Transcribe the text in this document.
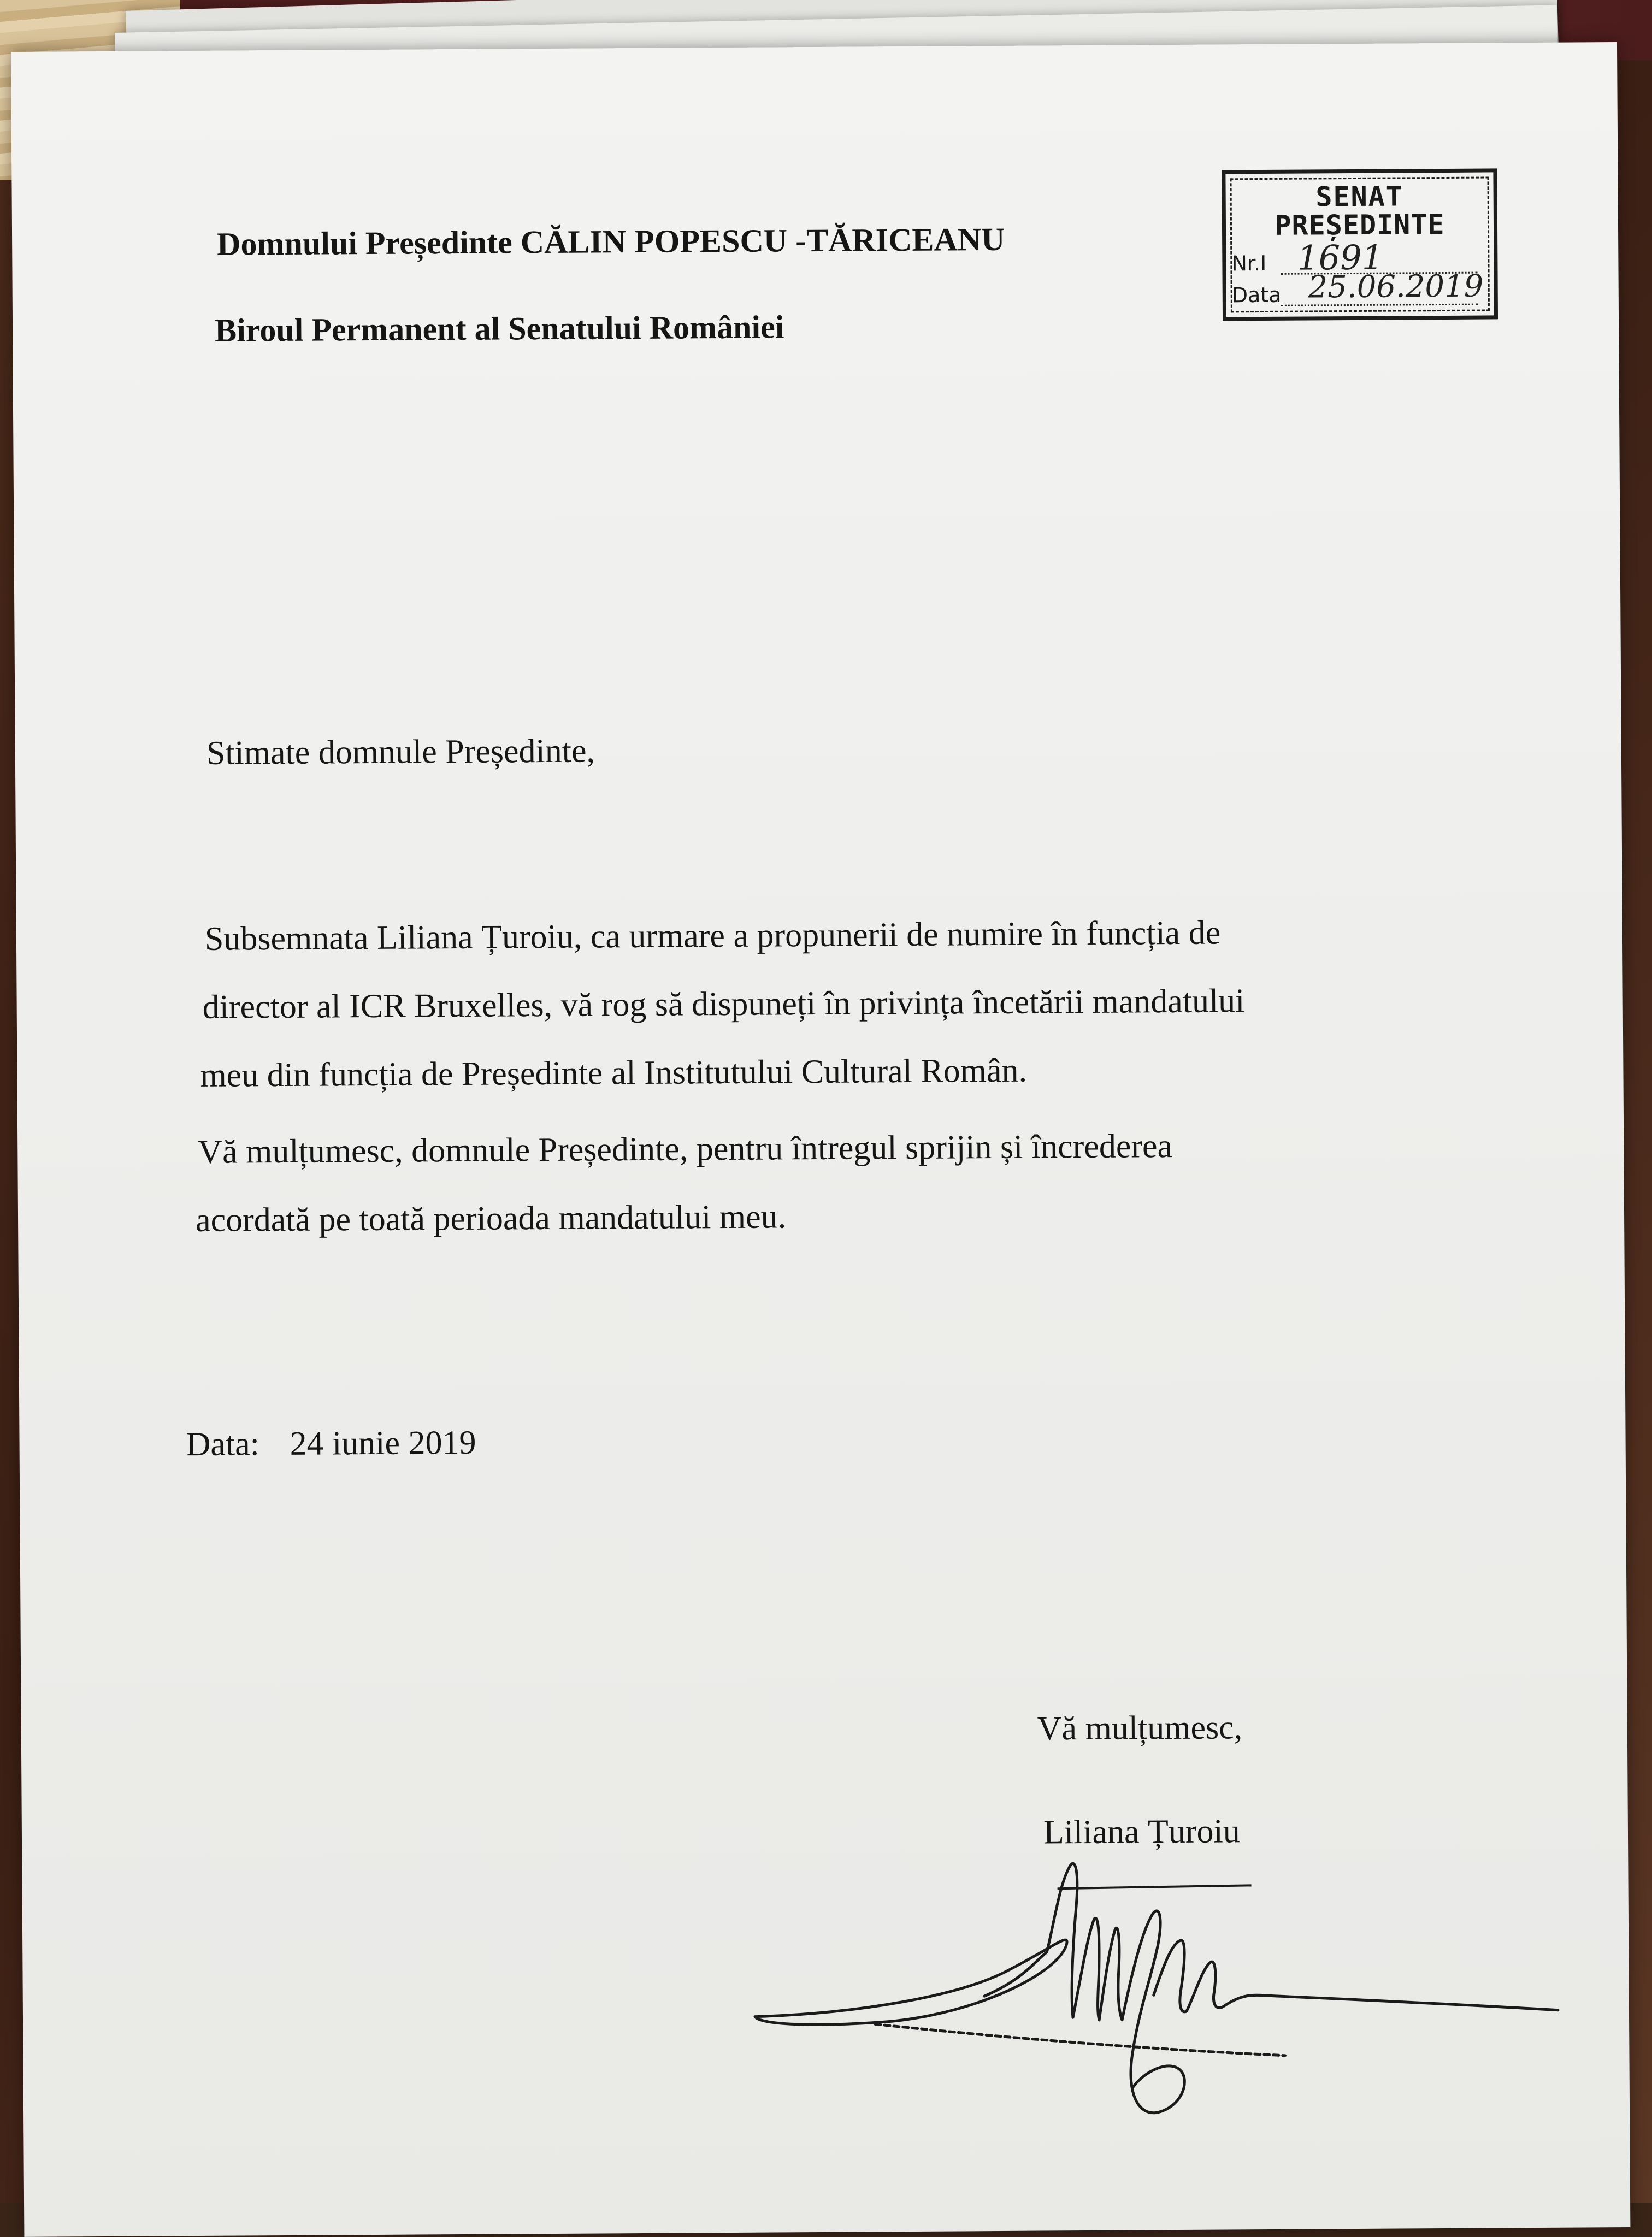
Domnului Președinte CĂLIN POPESCU -TĂRICEANU
Biroul Permanent al Senatului României
SENAT
PREȘEDINTE
Nr.I 1691
Data 25.06.2019
Stimate domnule Președinte,
Subsemnata Liliana Țuroiu, ca urmare a propunerii de numire în funcția de
director al ICR Bruxelles, vă rog să dispuneți în privința încetării mandatului
meu din funcția de Președinte al Institutului Cultural Român.
Vă mulțumesc, domnule Președinte, pentru întregul sprijin și încrederea
acordată pe toată perioada mandatului meu.
Data: 24 iunie 2019
Vă mulțumesc,
Liliana Țuroiu
